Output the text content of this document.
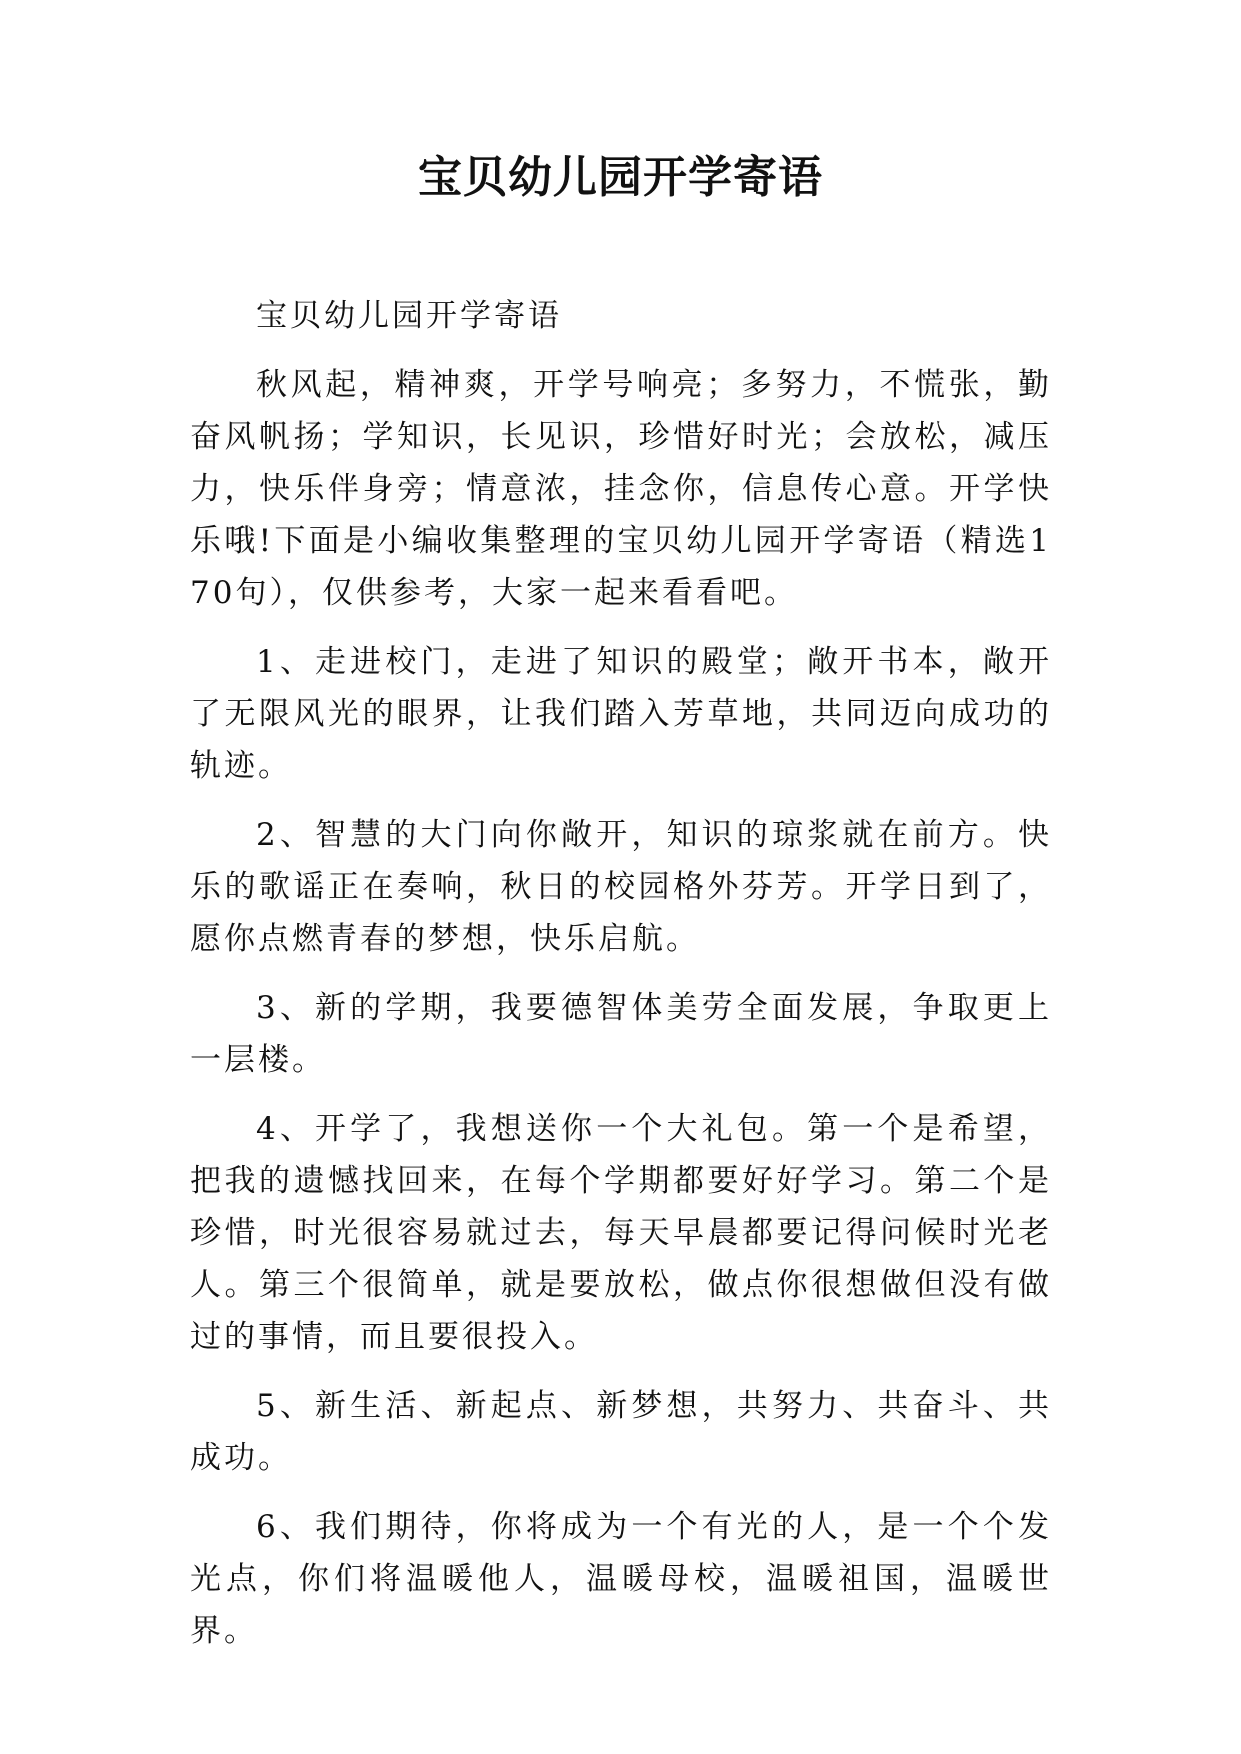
宝贝幼儿园开学寄语

宝贝幼儿园开学寄语

秋风起，精神爽，开学号响亮；多努力，不慌张，勤奋风帆扬；学知识，长见识，珍惜好时光；会放松，减压力，快乐伴身旁；情意浓，挂念你，信息传心意。开学快乐哦!下面是小编收集整理的宝贝幼儿园开学寄语（精选170句），仅供参考，大家一起来看看吧。

1、走进校门，走进了知识的殿堂；敞开书本，敞开了无限风光的眼界，让我们踏入芳草地，共同迈向成功的轨迹。

2、智慧的大门向你敞开，知识的琼浆就在前方。快乐的歌谣正在奏响，秋日的校园格外芬芳。开学日到了，愿你点燃青春的梦想，快乐启航。

3、新的学期，我要德智体美劳全面发展，争取更上一层楼。

4、开学了，我想送你一个大礼包。第一个是希望，把我的遗憾找回来，在每个学期都要好好学习。第二个是珍惜，时光很容易就过去，每天早晨都要记得问候时光老人。第三个很简单，就是要放松，做点你很想做但没有做过的事情，而且要很投入。

5、新生活、新起点、新梦想，共努力、共奋斗、共成功。

6、我们期待，你将成为一个有光的人，是一个个发光点，你们将温暖他人，温暖母校，温暖祖国，温暖世界。
